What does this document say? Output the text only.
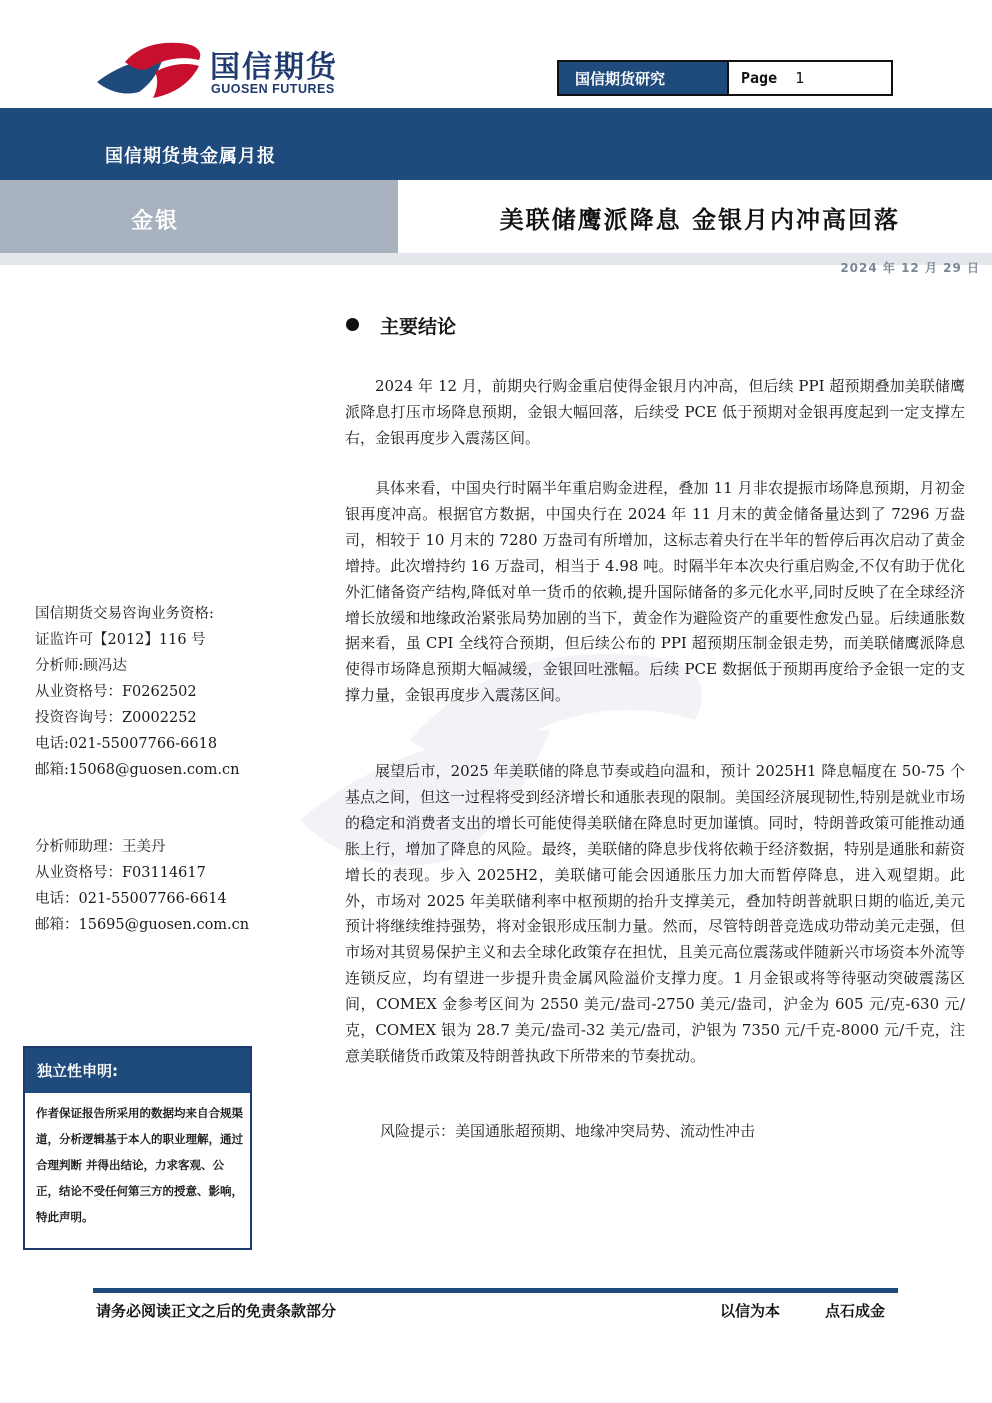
国信期货
GUOSEN FUTURES
国信期货研究	Page 1
国信期货贵金属月报
金银	美联储鹰派降息 金银月内冲高回落
2024 年 12 月 29 日
主要结论
2024 年 12 月，前期央行购金重启使得金银月内冲高，但后续 PPI 超预期叠加美联储鹰派降息打压市场降息预期，金银大幅回落，后续受 PCE 低于预期对金银再度起到一定支撑左右，金银再度步入震荡区间。
具体来看，中国央行时隔半年重启购金进程，叠加 11 月非农提振市场降息预期，月初金银再度冲高。根据官方数据，中国央行在 2024 年 11 月末的黄金储备量达到了 7296 万盎司，相较于 10 月末的 7280 万盎司有所增加，这标志着央行在半年的暂停后再次启动了黄金增持。此次增持约 16 万盎司，相当于 4.98 吨。时隔半年本次央行重启购金,不仅有助于优化外汇储备资产结构,降低对单一货币的依赖,提升国际储备的多元化水平,同时反映了在全球经济增长放缓和地缘政治紧张局势加剧的当下，黄金作为避险资产的重要性愈发凸显。后续通胀数据来看，虽 CPI 全线符合预期，但后续公布的 PPI 超预期压制金银走势，而美联储鹰派降息使得市场降息预期大幅减缓，金银回吐涨幅。后续 PCE 数据低于预期再度给予金银一定的支撑力量，金银再度步入震荡区间。
展望后市，2025 年美联储的降息节奏或趋向温和，预计 2025H1 降息幅度在 50-75 个基点之间，但这一过程将受到经济增长和通胀表现的限制。美国经济展现韧性,特别是就业市场的稳定和消费者支出的增长可能使得美联储在降息时更加谨慎。同时，特朗普政策可能推动通胀上行，增加了降息的风险。最终，美联储的降息步伐将依赖于经济数据，特别是通胀和薪资增长的表现。步入 2025H2，美联储可能会因通胀压力加大而暂停降息，进入观望期。此外，市场对 2025 年美联储利率中枢预期的抬升支撑美元，叠加特朗普就职日期的临近,美元预计将继续维持强势，将对金银形成压制力量。然而，尽管特朗普竞选成功带动美元走强，但市场对其贸易保护主义和去全球化政策存在担忧，且美元高位震荡或伴随新兴市场资本外流等连锁反应，均有望进一步提升贵金属风险溢价支撑力度。1 月金银或将等待驱动突破震荡区间，COMEX 金参考区间为 2550 美元/盎司-2750 美元/盎司，沪金为 605 元/克-630 元/克，COMEX 银为 28.7 美元/盎司-32 美元/盎司，沪银为 7350 元/千克-8000 元/千克，注意美联储货币政策及特朗普执政下所带来的节奏扰动。
风险提示：美国通胀超预期、地缘冲突局势、流动性冲击
国信期货交易咨询业务资格:
证监许可【2012】116 号
分析师:顾冯达
从业资格号：F0262502
投资咨询号：Z0002252
电话:021-55007766-6618
邮箱:15068@guosen.com.cn
分析师助理：王美丹
从业资格号：F03114617
电话：021-55007766-6614
邮箱：15695@guosen.com.cn
独立性申明:
作者保证报告所采用的数据均来自合规渠道，分析逻辑基于本人的职业理解，通过合理判断 并得出结论，力求客观、公正，结论不受任何第三方的授意、影响，特此声明。
请务必阅读正文之后的免责条款部分	以信为本	点石成金
